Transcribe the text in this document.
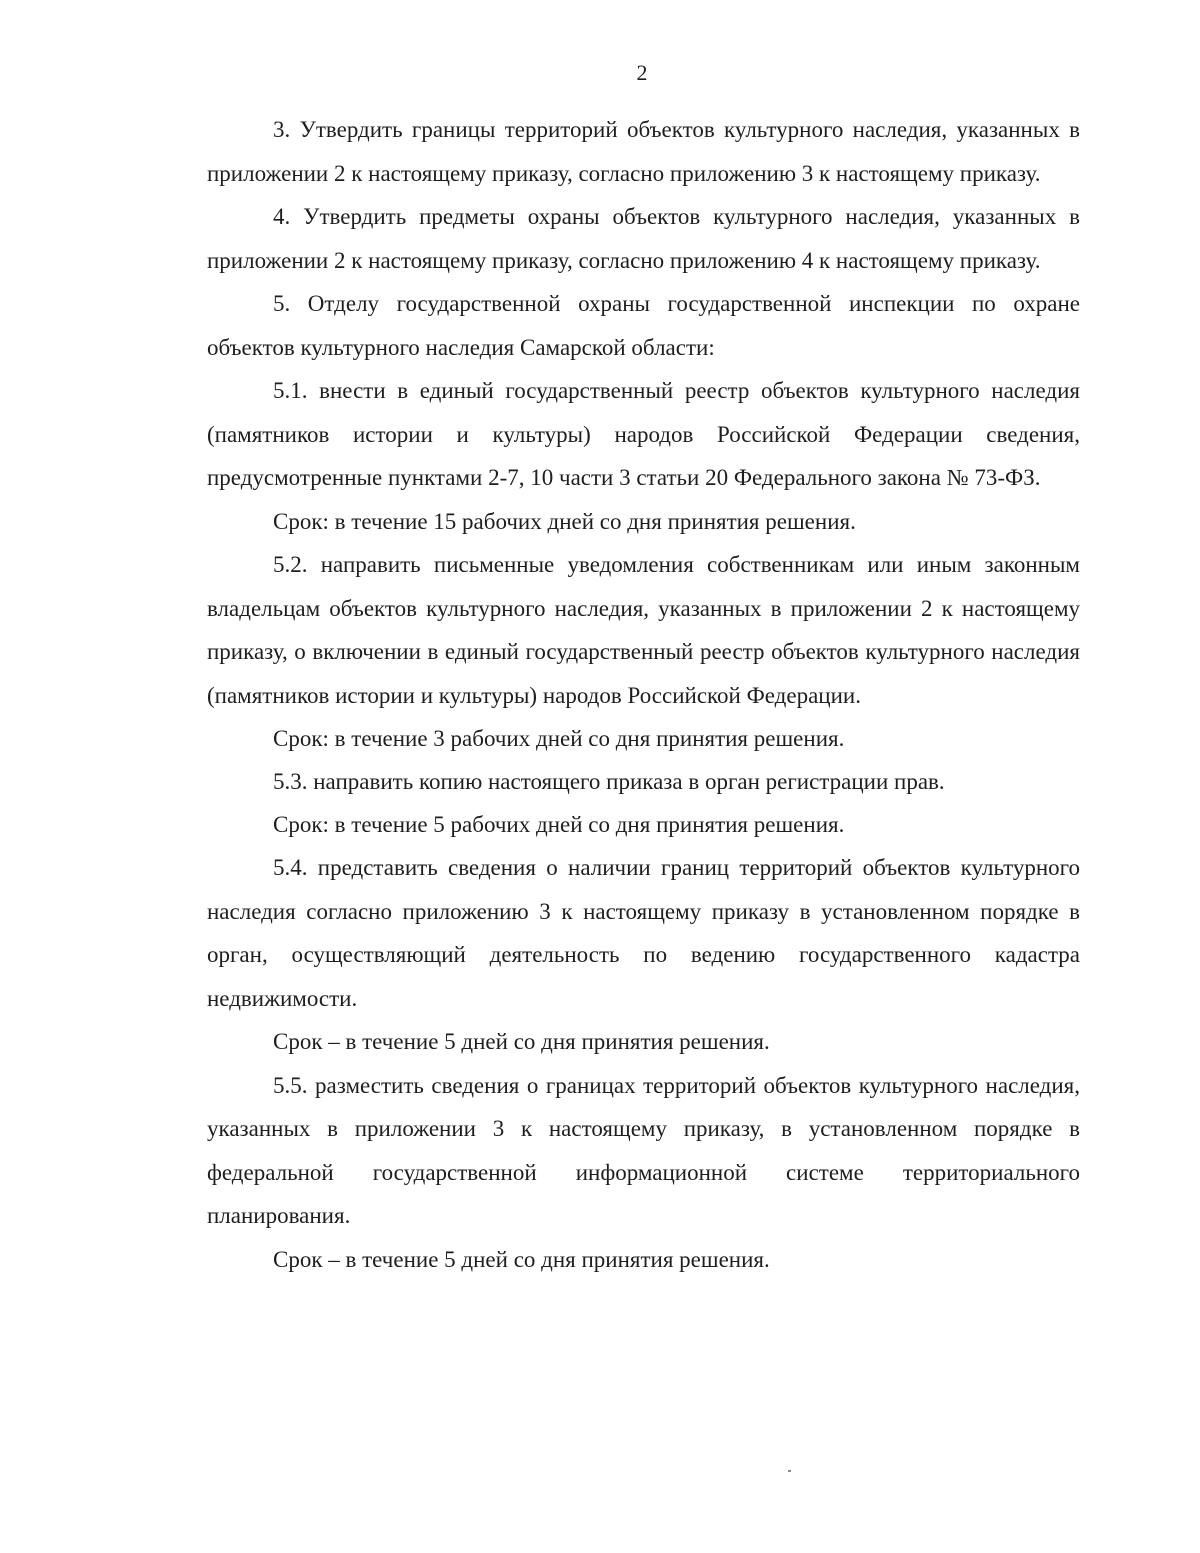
2

3. Утвердить границы территорий объектов культурного наследия, указанных в приложении 2 к настоящему приказу, согласно приложению 3 к настоящему приказу.

4. Утвердить предметы охраны объектов культурного наследия, указанных в приложении 2 к настоящему приказу, согласно приложению 4 к настоящему приказу.

5. Отделу государственной охраны государственной инспекции по охране объектов культурного наследия Самарской области:

5.1. внести в единый государственный реестр объектов культурного наследия (памятников истории и культуры) народов Российской Федерации сведения, предусмотренные пунктами 2-7, 10 части 3 статьи 20 Федерального закона № 73-ФЗ.

Срок: в течение 15 рабочих дней со дня принятия решения.

5.2. направить письменные уведомления собственникам или иным законным владельцам объектов культурного наследия, указанных в приложении 2 к настоящему приказу, о включении в единый государственный реестр объектов культурного наследия (памятников истории и культуры) народов Российской Федерации.

Срок: в течение 3 рабочих дней со дня принятия решения.

5.3. направить копию настоящего приказа в орган регистрации прав.

Срок: в течение 5 рабочих дней со дня принятия решения.

5.4. представить сведения о наличии границ территорий объектов культурного наследия согласно приложению 3 к настоящему приказу в установленном порядке в орган, осуществляющий деятельность по ведению государственного кадастра недвижимости.

Срок – в течение 5 дней со дня принятия решения.

5.5. разместить сведения о границах территорий объектов культурного наследия, указанных в приложении 3 к настоящему приказу, в установленном порядке в федеральной государственной информационной системе территориального планирования.

Срок – в течение 5 дней со дня принятия решения.
